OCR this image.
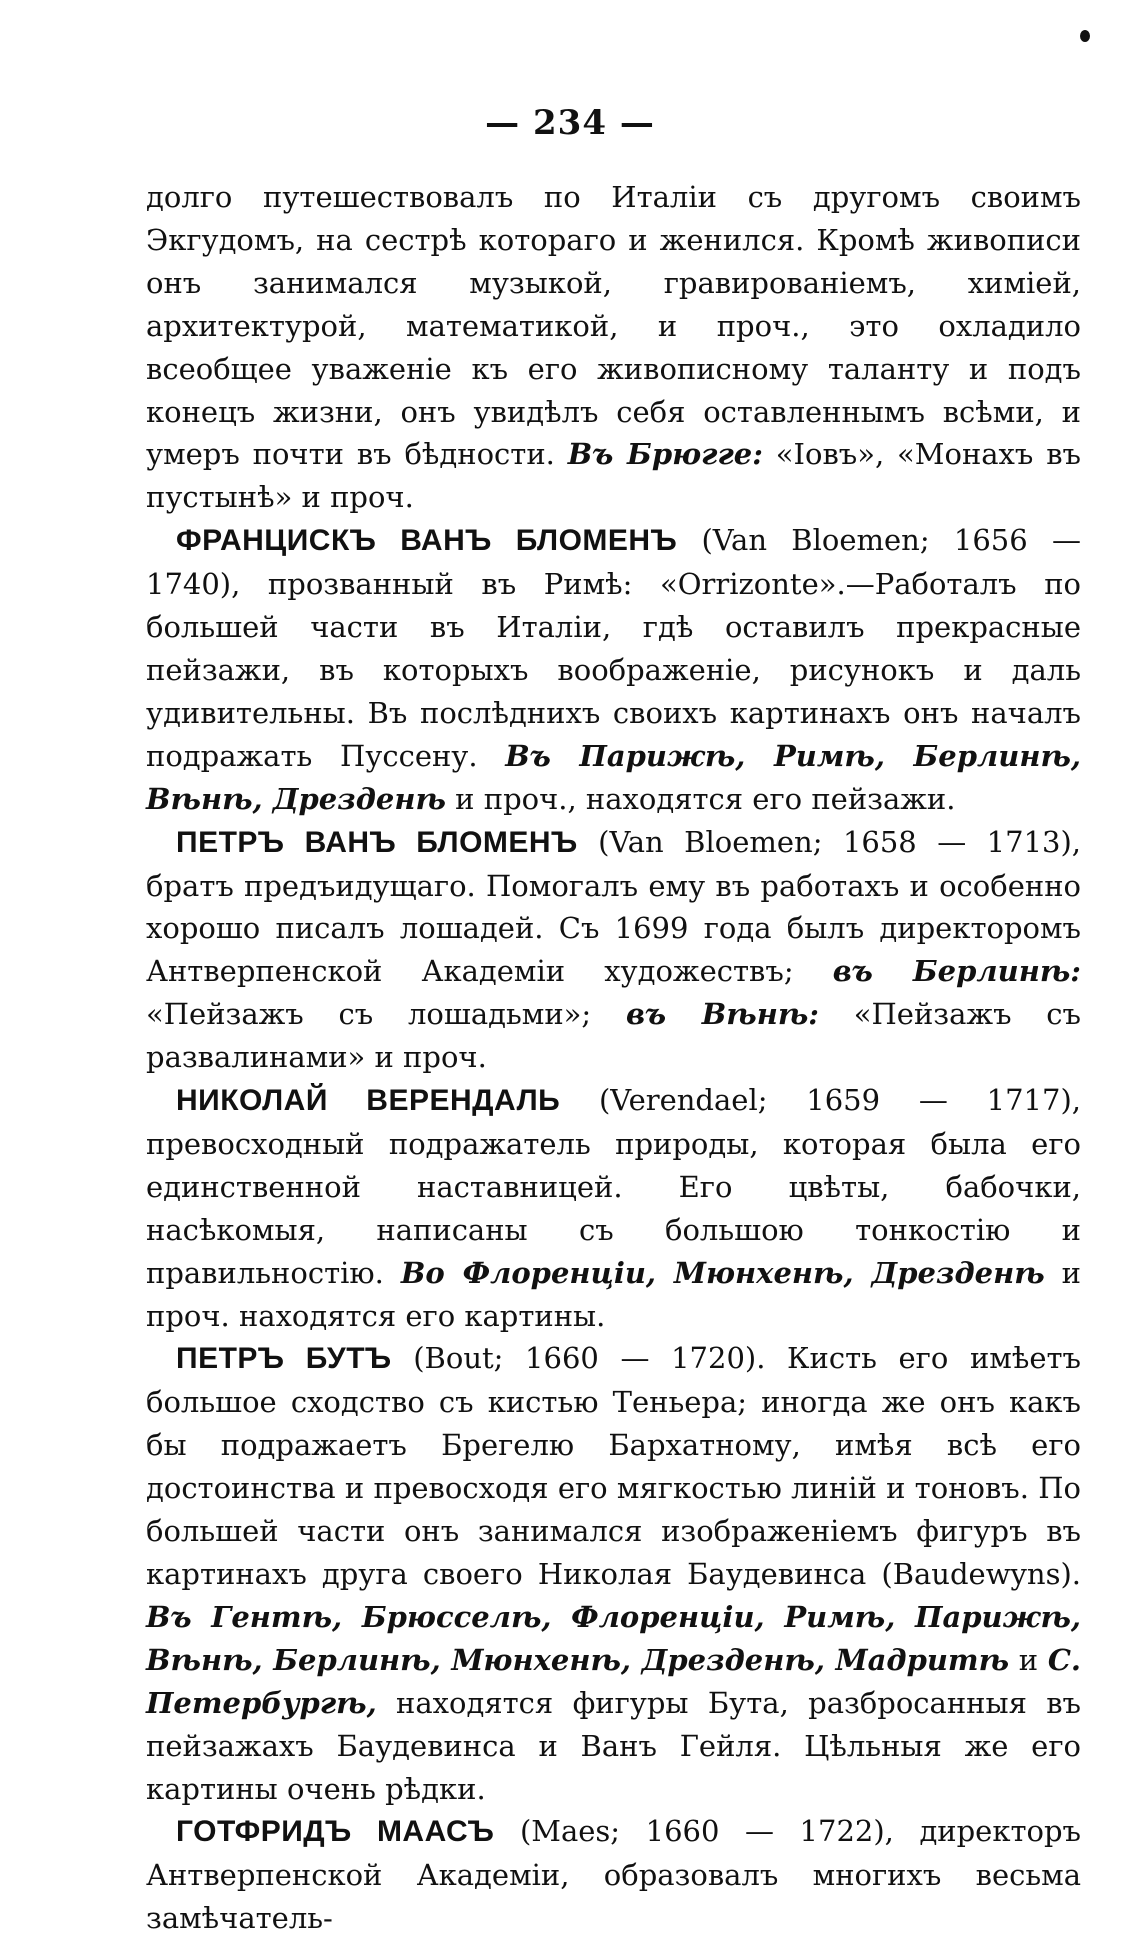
— 234 —

долго путешествовалъ по Италіи съ другомъ своимъ Экгудомъ, на сестрѣ котораго и женился. Кромѣ живописи онъ занимался музыкой, гравированіемъ, химіей, архитектурой, математикой, и проч., это охладило всеобщее уваженіе къ его живописному таланту и подъ конецъ жизни, онъ увидѣлъ себя оставленнымъ всѣми, и умеръ почти въ бѣдности. Въ Брюгге: «Іовъ», «Монахъ въ пустынѣ» и проч.

ФРАНЦИСКЪ ВАНЪ БЛОМЕНЪ (Van Bloemen; 1656 — 1740), прозванный въ Римѣ: «Orrizonte».—Работалъ по большей части въ Италіи, гдѣ оставилъ прекрасные пейзажи, въ которыхъ воображеніе, рисунокъ и даль удивительны. Въ послѣднихъ своихъ картинахъ онъ началъ подражать Пуссену. Въ Парижѣ, Римѣ, Берлинѣ, Вѣнѣ, Дрезденѣ и проч., находятся его пейзажи.

ПЕТРЪ ВАНЪ БЛОМЕНЪ (Van Bloemen; 1658 — 1713), братъ предъидущаго. Помогалъ ему въ работахъ и особенно хорошо писалъ лошадей. Съ 1699 года былъ директоромъ Антверпенской Академіи художествъ; въ Берлинѣ: «Пейзажъ съ лошадьми»; въ Вѣнѣ: «Пейзажъ съ развалинами» и проч.

НИКОЛАЙ ВЕРЕНДАЛЬ (Verendael; 1659 — 1717), превосходный подражатель природы, которая была его единственной наставницей. Его цвѣты, бабочки, насѣкомыя, написаны съ большою тонкостію и правильностію. Во Флоренціи, Мюнхенѣ, Дрезденѣ и проч. находятся его картины.

ПЕТРЪ БУТЪ (Bout; 1660 — 1720). Кисть его имѣетъ большое сходство съ кистью Теньера; иногда же онъ какъ бы подражаетъ Брегелю Бархатному, имѣя всѣ его достоинства и превосходя его мягкостью линій и тоновъ. По большей части онъ занимался изображеніемъ фигуръ въ картинахъ друга своего Николая Баудевинса (Baudewyns). Въ Гентѣ, Брюсселѣ, Флоренціи, Римѣ, Парижѣ, Вѣнѣ, Берлинѣ, Мюнхенѣ, Дрезденѣ, Мадритѣ и С. Петербургѣ, находятся фигуры Бута, разбросанныя въ пейзажахъ Баудевинса и Ванъ Гейля. Цѣльныя же его картины очень рѣдки.

ГОТФРИДЪ МААСЪ (Maes; 1660 — 1722), директоръ Антверпенской Академіи, образовалъ многихъ весьма замѣчатель-
